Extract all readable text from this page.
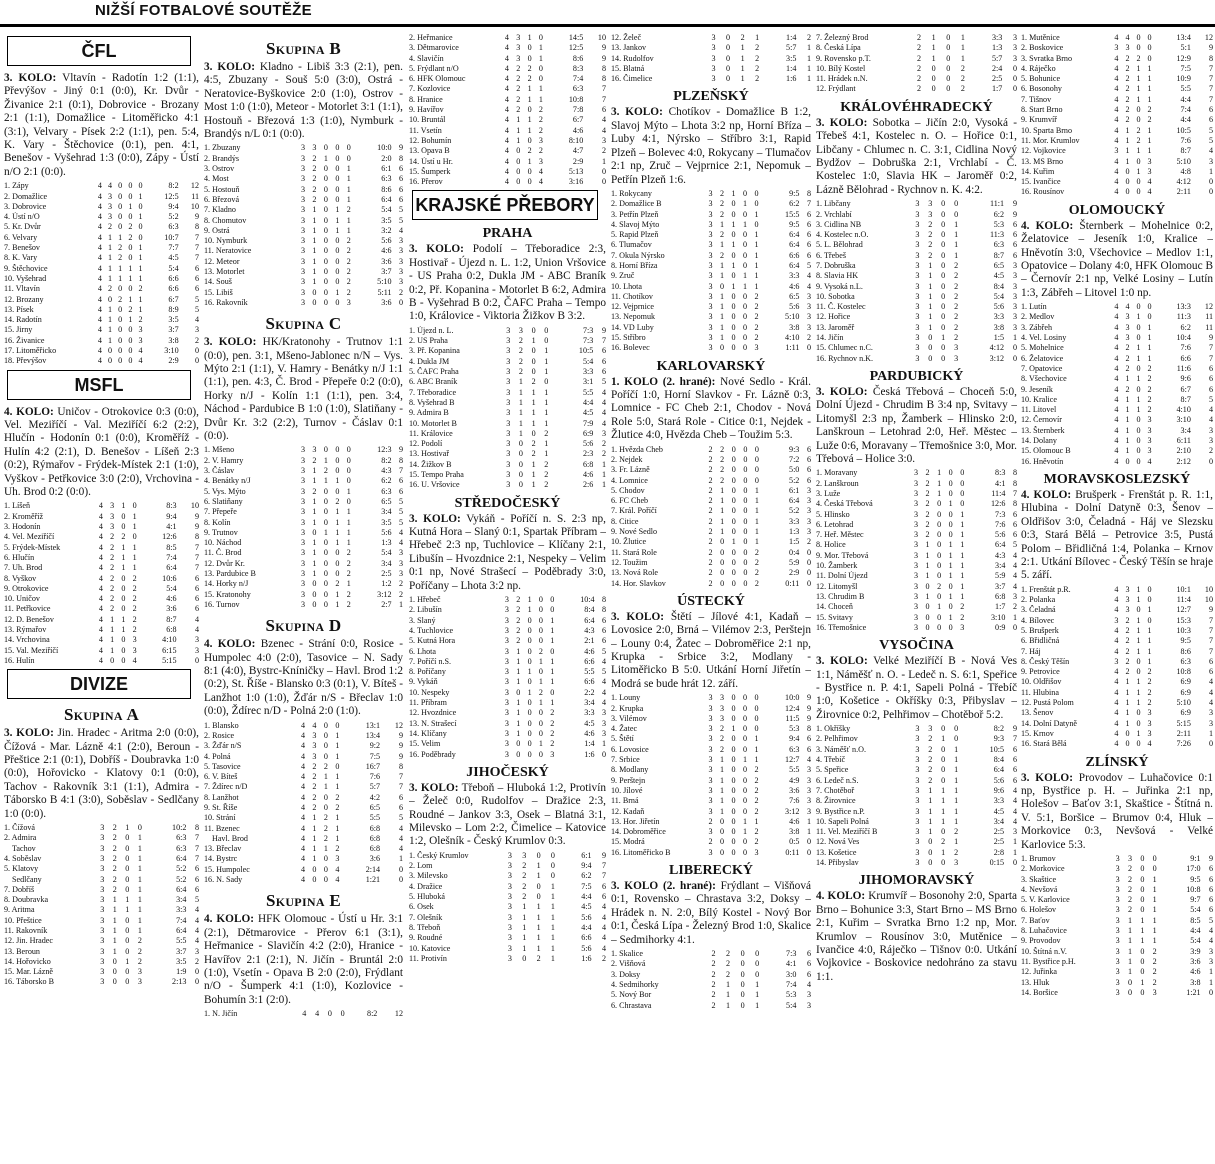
NIŽŠÍ FOTBALOVÉ SOUTĚŽE
ČFL
3. KOLO: Vltavín - Radotín 1:2 (1:1), Převýšov - Jiný 0:1 (0:0), Kr. Dvůr - Živanice 2:1 (0:1), Dobrovice - Brozany 2:1 (1:1), Domažlice - Litoměřicko 4:1 (3:1), Velvary - Písek 2:2 (1:1), pen. 5:4, K. Vary - Štěchovice (0:1), pen. 4:1, Benešov - Vyšehrad 1:3 (0:0), Zápy - Ústí n/O 2:1 (0:0).
1. Zápy	4	4	0	0	0	8:2	12
2. Domažlice	4	3	0	0	1	12:5	11
3. Dobrovice	4	3	0	1	0	9:4	10
4. Ústí n/O	4	3	0	0	1	5:2	9
5. Kr. Dvůr	4	2	0	2	0	6:3	8
6. Velvary	4	1	1	2	0	10:7	7
7. Benešov	4	1	2	0	1	7:7	7
8. K. Vary	4	1	2	0	1	4:5	7
9. Štěchovice	4	1	1	1	1	5:4	6
10. Vyšehrad	4	1	1	1	1	6:6	6
11. Vltavín	4	2	0	0	2	6:6	6
12. Brozany	4	0	2	1	1	6:7	5
13. Písek	4	1	0	2	1	8:9	5
14. Radotín	4	1	0	1	2	3:5	4
15. Jirny	4	1	0	0	3	3:7	3
16. Živanice	4	1	0	0	3	3:8	2
17. Litoměřicko	4	0	0	0	4	3:10	0
18. Převýšov	4	0	0	0	4	2:9	0
MSFL
4. KOLO: Uničov - Otrokovice 0:3 (0:0), Vel. Meziříčí - Val. Meziříčí 6:2 (2:2), Hlučín - Hodonín 0:1 (0:0), Kroměříž - Hulín 4:2 (2:1), D. Benešov - Líšeň 2:3 (0:2), Rýmařov - Frýdek-Místek 2:1 (1:0), Vyškov - Petřkovice 3:0 (2:0), Vrchovina - Uh. Brod 0:2 (0:0).
1. Líšeň	4	3	1	0	8:3	10
2. Kroměříž	4	3	0	1	9:4	9
3. Hodonín	4	3	0	1	4:1	9
4. Vel. Meziříčí	4	2	2	0	12:6	8
5. Frýdek-Místek	4	2	1	1	8:5	7
6. Hlučín	4	2	1	1	7:4	7
7. Uh. Brod	4	2	1	1	6:4	7
8. Vyškov	4	2	0	2	10:6	6
9. Otrokovice	4	2	0	2	5:4	6
10. Uničov	4	2	0	2	4:6	6
11. Petřkovice	4	2	0	2	3:6	6
12. D. Benešov	4	1	1	2	8:7	4
13. Rýmařov	4	1	1	2	6:8	4
14. Vrchovina	4	1	0	3	4:10	3
15. Val. Meziříčí	4	1	0	3	6:15	3
16. Hulín	4	0	0	4	5:15	0
DIVIZE
Skupina A
3. KOLO: Jin. Hradec - Aritma 2:0 (0:0), Čížová - Mar. Lázně 4:1 (2:0), Beroun - Přeštice 2:1 (0:1), Dobříš - Doubravka 1:0 (0:0), Hořovicko - Klatovy 0:1 (0:0), Tachov - Rakovník 3:1 (1:1), Admira - Táborsko B 4:1 (3:0), Soběslav - Sedlčany 1:0 (0:0).
1. Čížová	3	2	1	0	10:2	8
2. Admira	3	2	0	1	6:3	7
Tachov	3	2	0	1	6:3	7
4. Soběslav	3	2	0	1	6:4	7
5. Klatovy	3	2	0	1	5:2	6
Sedlčany	3	2	0	1	5:2	6
7. Dobříš	3	2	0	1	6:4	6
8. Doubravka	3	1	1	1	3:4	5
9. Aritma	3	1	1	1	3:3	4
10. Přeštice	3	1	0	1	7:4	4
11. Rakovník	3	1	0	1	6:4	4
12. Jin. Hradec	3	1	0	2	5:5	4
13. Beroun	3	1	0	2	3:7	3
14. Hořovicko	3	0	1	2	3:5	2
15. Mar. Lázně	3	0	0	3	1:9	0
16. Táborsko B	3	0	0	3	2:13	0
Skupina B
3. KOLO: Kladno - Libiš 3:3 (2:1), pen. 4:5, Zbuzany - Souš 5:0 (3:0), Ostrá - Neratovice-Byškovice 2:0 (1:0), Ostrov - Most 1:0 (1:0), Meteor - Motorlet 3:1 (1:1), Hostouň - Březová 1:3 (1:0), Nymburk - Brandýs n/L 0:1 (0:0).
1. Zbuzany	3	3	0	0	0	10:0	9
2. Brandýs	3	2	1	0	0	2:0	8
3. Ostrov	3	2	0	0	1	6:1	6
4. Most	3	2	0	0	1	6:3	6
5. Hostouň	3	2	0	0	1	8:6	6
6. Březová	3	2	0	0	1	6:4	6
7. Kladno	3	1	0	1	2	5:4	5
8. Chomutov	3	1	0	1	1	3:5	5
9. Ostrá	3	1	0	1	1	3:2	4
10. Nymburk	3	1	0	0	2	5:6	3
11. Neratovice	3	1	0	0	2	4:6	3
12. Meteor	3	1	0	0	2	3:6	3
13. Motorlet	3	1	0	0	2	3:7	3
14. Souš	3	1	0	0	2	5:10	3
15. Libiš	3	0	0	1	2	5:11	2
16. Rakovník	3	0	0	0	3	3:6	0
Skupina C
3. KOLO: HK/Kratonohy - Trutnov 1:1 (0:0), pen. 3:1, Mšeno-Jablonec n/N – Vys. Mýto 2:1 (1:1), V. Hamry - Benátky n/J 1:1 (1:1), pen. 4:3, Č. Brod - Přepeře 0:2 (0:0), Horky n/J - Kolín 1:1 (1:1), pen. 3:4, Náchod - Pardubice B 1:0 (1:0), Slatiňany - Dvůr Kr. 3:2 (2:2), Turnov - Čáslav 0:1 (0:0).
1. Mšeno	3	3	0	0	0	12:3	9
2. V. Hamry	3	2	1	0	0	8:2	8
3. Čáslav	3	1	2	0	0	4:3	7
4. Benátky n/J	3	1	1	1	0	6:2	6
5. Vys. Mýto	3	2	0	0	1	6:3	6
6. Slatiňany	3	1	0	2	0	6:5	5
7. Přepeře	3	1	0	1	1	3:4	5
8. Kolín	3	1	0	1	1	3:5	5
9. Trutnov	3	0	1	1	1	5:6	4
10. Náchod	3	1	0	1	1	1:3	4
11. Č. Brod	3	1	0	0	2	5:4	3
12. Dvůr Kr.	3	1	0	0	2	3:4	3
13. Pardubice B	3	1	0	0	2	2:5	3
14. Horky n/J	3	0	0	2	1	1:2	2
15. Kratonohy	3	0	0	1	2	3:12	2
16. Turnov	3	0	0	1	2	2:7	1
Skupina D
4. KOLO: Bzenec - Strání 0:0, Rosice - Humpolec 4:0 (2:0), Tasovice – N. Sady 8:1 (4:0), Bystrc-Kníničky – Havl. Brod 1:2 (0:2), St. Říše - Blansko 0:3 (0:1), V. Bíteš - Lanžhot 1:0 (1:0), Žďár n/S - Břeclav 1:0 (0:0), Ždírec n/D - Polná 2:0 (1:0).
1. Blansko	4	4	0	0	13:1	12
2. Rosice	4	3	0	1	13:4	9
3. Žďár n/S	4	3	0	1	9:2	9
4. Polná	4	3	0	1	7:5	9
5. Tasovice	4	2	2	0	16:7	8
6. V. Bíteš	4	2	1	1	7:6	7
7. Ždírec n/D	4	2	1	1	5:7	7
8. Lanžhot	4	2	0	2	4:2	6
9. St. Říše	4	2	0	2	6:5	6
10. Strání	4	1	2	1	5:5	5
11. Bzenec	4	1	2	1	6:8	4
Havl. Brod	4	1	2	1	6:8	4
13. Břeclav	4	1	1	2	6:8	4
14. Bystrc	4	1	0	3	3:6	1
15. Humpolec	4	0	0	4	2:14	0
16. N. Sady	4	0	0	4	1:21	0
Skupina E
4. KOLO: HFK Olomouc - Ústí u Hr. 3:1 (2:1), Dětmarovice - Přerov 6:1 (3:1), Heřmanice - Slavičín 4:2 (2:0), Hranice - Havířov 2:1 (2:1), N. Jičín - Bruntál 2:0 (1:0), Vsetín - Opava B 2:0 (2:0), Frýdlant n/O - Šumperk 4:1 (1:0), Kozlovice - Bohumín 3:1 (2:0).
1. N. Jičín	4	4	0	0	8:2	12
2. Heřmanice	4	3	1	0	14:5	10
3. Dětmarovice	4	3	0	1	12:5	9
4. Slavičín	4	3	0	1	8:6	9
5. Frýdlant n/O	4	2	2	0	8:3	8
6. HFK Olomouc	4	2	2	0	7:4	8
7. Kozlovice	4	2	1	1	6:3	7
8. Hranice	4	2	1	1	10:8	7
9. Havířov	4	2	0	2	7:8	6
10. Bruntál	4	1	1	2	6:7	4
11. Vsetín	4	1	1	2	4:6	4
12. Bohumín	4	1	0	3	8:10	3
13. Opava B	4	0	2	2	4:7	2
14. Ústí u Hr.	4	0	1	3	2:9	1
15. Šumperk	4	0	0	4	5:13	0
16. Přerov	4	0	0	4	3:16	0
KRAJSKÉ PŘEBORY
PRAHA
3. KOLO: Podolí – Třeboradice 2:3, Hostivař - Újezd n. L. 1:2, Union Vršovice - US Praha 0:2, Dukla JM - ABC Braník 0:2, Př. Kopanina - Motorlet B 6:2, Admira B - Vyšehrad B 0:2, ČAFC Praha – Tempo 1:0, Královice - Viktoria Žižkov B 3:2.
1. Újezd n. L.	3	3	0	0	7:3	9
2. US Praha	3	2	1	0	7:3	7
3. Př. Kopanina	3	2	0	1	10:5	6
4. Dukla JM	3	2	0	1	5:4	6
5. ČAFC Praha	3	2	0	1	3:3	6
6. ABC Braník	3	1	2	0	3:1	5
7. Třeboradice	3	1	1	1	5:5	4
8. Vyšehrad B	3	1	1	1	4:4	4
9. Admira B	3	1	1	1	4:5	4
10. Motorlet B	3	1	1	1	7:9	4
11. Královice	3	1	0	2	6:9	3
12. Podolí	3	0	2	1	5:6	2
13. Hostivař	3	0	2	1	2:3	2
14. Žižkov B	3	0	1	2	6:8	1
15. Tempo Praha	3	0	1	2	4:6	1
16. U. Vršovice	3	0	1	2	2:6	1
STŘEDOČESKÝ
3. KOLO: Vykáň - Poříčí n. S. 2:3 np, Kutná Hora – Slaný 0:1, Spartak Příbram – Hřebeč 2:3 np, Tuchlovice – Klíčany 2:1, Libušín – Hvozdnice 2:1, Nespeky – Velim 0:1 np, Nové Strašecí – Poděbrady 3:0, Poříčany – Lhota 3:2 np.
1. Hřebeč	3	2	1	0	0	10:4	8
2. Libušín	3	2	1	0	0	8:4	8
3. Slaný	3	2	0	0	1	6:4	6
4. Tuchlovice	3	2	0	0	1	4:3	6
5. Kutná Hora	3	2	0	0	1	2:1	6
6. Lhota	3	1	0	2	0	4:6	5
7. Poříčí n.S.	3	1	0	1	1	6:6	4
8. Poříčany	3	1	1	0	1	5:5	5
9. Vykáň	3	1	0	1	1	6:6	4
10. Nespeky	3	0	1	2	0	2:2	4
11. Příbram	3	1	0	1	1	3:4	4
12. Hvozdnice	3	1	0	0	2	3:3	3
13. N. Strašecí	3	1	0	0	2	4:5	3
14. Klíčany	3	1	0	0	2	4:6	3
15. Velim	3	0	0	1	2	1:4	1
16. Poděbrady	3	0	0	0	3	1:6	0
JIHOČESKÝ
3. KOLO: Třeboň – Hluboká 1:2, Protivín – Želeč 0:0, Rudolfov – Dražice 2:3, Roudné – Jankov 3:3, Osek – Blatná 3:1, Milevsko – Lom 2:2, Čimelice – Katovice 1:2, Olešník - Český Krumlov 0:3.
1. Český Krumlov	3	3	0	0	6:1	9
2. Lom	3	2	1	0	9:4	7
3. Milevsko	3	2	1	0	6:2	7
4. Dražice	3	2	0	1	7:5	6
5. Hluboká	3	2	0	1	4:4	6
6. Osek	3	1	1	1	4:5	4
7. Olešník	3	1	1	1	5:6	4
8. Třeboň	3	1	1	1	4:4	4
9. Roudné	3	1	1	1	6:6	4
10. Katovice	3	1	1	1	5:6	4
11. Protivín	3	0	2	1	1:6	2
12. Želeč	3	0	2	1	1:4	2
13. Jankov	3	0	1	2	5:7	1
14. Rudolfov	3	0	1	2	3:5	1
15. Blatná	3	0	1	2	1:4	1
16. Čimelice	3	0	1	2	1:6	1
PLZEŇSKÝ
3. KOLO: Chotíkov - Domažlice B 1:2, Slavoj Mýto – Lhota 3:2 np, Horní Bříza – Luby 4:1, Nýrsko – Stříbro 3:1, Rapid Plzeň – Bolevec 4:0, Rokycany – Tlumačov 2:1 np, Zruč – Vejprnice 2:1, Nepomuk – Petřín Plzeň 1:6.
1. Rokycany	3	2	1	0	0	9:5	8
2. Domažlice B	3	2	0	1	0	6:2	7
3. Petřín Plzeň	3	2	0	0	1	15:5	6
4. Slavoj Mýto	3	1	1	1	0	9:5	6
5. Rapid Plzeň	3	2	0	0	1	6:4	6
6. Tlumačov	3	1	1	0	1	6:4	6
7. Okula Nýrsko	3	2	0	0	1	6:6	6
8. Horní Bříza	3	1	1	0	1	6:4	5
9. Zruč	3	1	0	1	1	3:3	4
10. Lhota	3	0	1	1	1	4:6	4
11. Chotíkov	3	1	0	0	2	6:5	3
12. Vejprnice	3	1	0	0	2	5:6	3
13. Nepomuk	3	1	0	0	2	5:10	3
14. VD Luby	3	1	0	0	2	3:8	3
15. Stříbro	3	1	0	0	2	4:10	2
16. Bolevec	3	0	0	0	3	1:11	0
KARLOVARSKÝ
1. KOLO (2. hrané): Nové Sedlo - Král. Poříčí 1:0, Horní Slavkov - Fr. Lázně 0:3, Lomnice - FC Cheb 2:1, Chodov - Nová Role 5:0, Stará Role - Citice 0:1, Nejdek - Žlutice 4:0, Hvězda Cheb – Toužim 5:3.
1. Hvězda Cheb	2	2	0	0	0	9:3	6
2. Nejdek	2	2	0	0	0	7:2	6
3. Fr. Lázně	2	2	0	0	0	5:0	6
4. Lomnice	2	2	0	0	0	5:2	6
5. Chodov	2	1	0	0	1	6:1	3
6. FC Cheb	2	1	0	0	1	6:4	3
7. Král. Poříčí	2	1	0	0	1	5:2	3
8. Citice	2	1	0	0	1	3:3	3
9. Nové Sedlo	2	1	0	0	1	1:3	3
10. Žlutice	2	0	1	0	1	1:5	2
11. Stará Role	2	0	0	0	2	0:4	0
12. Toužim	2	0	0	0	2	5:9	0
13. Nová Role	2	0	0	0	2	2:9	0
14. Hor. Slavkov	2	0	0	0	2	0:11	0
ÚSTECKÝ
3. KOLO: Štětí – Jílové 4:1, Kadaň – Lovosice 2:0, Brná – Vilémov 2:3, Perštejn – Louny 0:4, Žatec – Dobroměřice 2:1 np, Krupka - Srbice 3:2, Modlany - Litoměřicko B 5:0. Utkání Horní Jiřetín – Modrá se bude hrát 12. září.
1. Louny	3	3	0	0	0	10:0	9
2. Krupka	3	3	0	0	0	12:4	9
3. Vilémov	3	3	0	0	0	11:5	9
4. Žatec	3	2	1	0	0	5:3	8
5. Štětí	3	2	0	0	1	9:4	6
6. Lovosice	3	2	0	0	1	6:3	6
7. Srbice	3	1	0	1	1	12:7	4
8. Modlany	3	1	0	0	2	5:5	3
9. Perštejn	3	1	0	0	2	4:9	3
10. Jílové	3	1	0	0	2	3:6	3
11. Brná	3	1	0	0	2	7:6	3
12. Kadaň	3	1	0	0	2	3:12	3
13. Hor. Jiřetín	2	0	0	1	1	4:6	1
14. Dobroměřice	3	0	0	1	2	3:8	1
15. Modrá	2	0	0	0	2	0:5	0
16. Litoměřicko B	3	0	0	0	3	0:11	0
LIBERECKÝ
3. KOLO (2. hrané): Frýdlant – Višňová 0:1, Rovensko – Chrastava 3:2, Doksy – Hrádek n. N. 2:0, Bílý Kostel - Nový Bor 0:1, Česká Lípa - Železný Brod 1:0, Skalice – Sedmihorky 4:1.
1. Skalice	2	2	0	0	7:3	6
2. Višňová	2	2	0	0	4:1	6
3. Doksy	2	2	0	0	3:0	6
4. Sedmihorky	2	1	0	1	7:4	4
5. Nový Bor	2	1	0	1	5:3	3
6. Chrastava	2	1	0	1	5:4	3
7. Železný Brod	2	1	0	1	3:3	3
8. Česká Lípa	2	1	0	1	1:3	3
9. Rovensko p.T.	2	1	0	1	5:7	3
10. Bílý Kostel	2	0	0	2	2:4	0
11. Hrádek n.N.	2	0	0	2	2:5	0
12. Frýdlant	2	0	0	2	1:7	0
KRÁLOVÉHRADECKÝ
3. KOLO: Sobotka – Jičín 2:0, Vysoká - Třebeš 4:1, Kostelec n. O. – Hořice 0:1, Libčany - Chlumec n. C. 3:1, Cidlina Nový Bydžov – Dobruška 2:1, Vrchlabí - Č. Kostelec 1:0, Slavia HK – Jaroměř 0:2, Lázně Bělohrad - Rychnov n. K. 4:2.
1. Libčany	3	3	0	0	11:1	9
2. Vrchlabí	3	3	0	0	6:2	9
3. Cidlina NB	3	2	0	1	5:3	6
4. Kostelec n.O.	3	2	0	1	11:3	6
5. L. Bělohrad	3	2	0	1	6:3	6
6. Třebeš	3	2	0	1	8:7	6
7. Dobruška	3	1	0	2	6:5	3
8. Slavia HK	3	1	0	2	4:5	3
9. Vysoká n.L.	3	1	0	2	8:4	3
10. Sobotka	3	1	0	2	5:4	3
11. Č. Kostelec	3	1	0	2	5:6	3
12. Hořice	3	1	0	2	3:3	3
13. Jaroměř	3	1	0	2	3:8	3
14. Jičín	3	0	1	2	1:5	1
15. Chlumec n.C.	3	0	0	3	4:12	0
16. Rychnov n.K.	3	0	0	3	3:12	0
PARDUBICKÝ
3. KOLO: Česká Třebová – Choceň 5:0, Dolní Újezd - Chrudim B 3:4 np, Svitavy – Litomyšl 2:3 np, Žamberk – Hlinsko 2:0, Lanškroun – Letohrad 2:0, Heř. Městec – Luže 0:6, Moravany – Třemošnice 3:0, Mor. Třebová – Holice 3:0.
1. Moravany	3	2	1	0	0	8:3	8
2. Lanškroun	3	2	1	0	0	4:1	8
3. Luže	3	2	1	0	0	11:4	7
4. Česká Třebová	3	2	0	1	0	12:6	8
5. Hlinsko	3	2	0	0	1	7:3	6
6. Letohrad	3	2	0	0	1	7:6	6
7. Heř. Městec	3	2	0	0	1	5:6	6
8. Holice	3	1	0	1	1	6:4	5
9. Mor. Třebová	3	1	0	1	1	4:3	4
10. Žamberk	3	1	0	1	1	3:4	4
11. Dolní Újezd	3	1	0	1	1	5:9	4
12. Litomyšl	3	0	2	0	1	3:7	4
13. Chrudim B	3	1	0	1	1	6:8	3
14. Choceň	3	0	1	0	2	1:7	2
15. Svitavy	3	0	0	1	2	3:10	1
16. Třemošnice	3	0	0	0	3	0:9	0
VYSOČINA
3. KOLO: Velké Meziříčí B - Nová Ves 1:1, Náměšť n. O. - Ledeč n. S. 6:1, Speřice - Bystřice n. P. 4:1, Sapeli Polná - Třebíč 1:0, Košetice - Okříšky 0:3, Přibyslav – Žirovnice 0:2, Pelhřimov – Chotěboř 5:2.
1. Okříšky	3	3	0	0	8:2	9
2. Pelhřimov	3	2	1	0	9:3	7
3. Náměšť n.O.	3	2	0	1	10:5	6
4. Třebíč	3	2	0	1	8:4	6
5. Speřice	3	2	0	1	6:4	6
6. Ledeč n.S.	3	2	0	1	5:6	6
7. Chotěboř	3	1	1	1	9:6	4
8. Žirovnice	3	1	1	1	3:3	4
9. Bystřice n.P.	3	1	1	1	4:5	4
10. Sapeli Polná	3	1	1	1	3:4	4
11. Vel. Meziříčí B	3	1	0	2	2:5	3
12. Nová Ves	3	0	2	1	2:5	1
13. Košetice	3	0	1	2	2:8	1
14. Přibyslav	3	0	0	3	0:15	0
JIHOMORAVSKÝ
4. KOLO: Krumvíř – Bosonohy 2:0, Sparta Brno – Bohunice 3:3, Start Brno – MS Brno 2:1, Kuřim – Svratka Brno 1:2 np, Mor. Krumlov – Rousínov 3:0, Mutěnice – Ivančice 4:0, Ráječko – Tišnov 0:0. Utkání Vojkovice - Boskovice nedohráno za stavu 1:1.
1. Mutěnice	4	4	0	0	13:4	12
2. Boskovice	3	3	0	0	5:1	9
3. Svratka Brno	4	2	2	0	12:9	8
4. Ráječko	4	2	1	1	7:5	7
5. Bohunice	4	2	1	1	10:9	7
6. Bosonohy	4	2	1	1	5:5	7
7. Tišnov	4	2	1	1	4:4	7
8. Start Brno	4	2	0	2	7:4	6
9. Krumvíř	4	2	0	2	4:4	6
10. Sparta Brno	4	1	2	1	10:5	5
11. Mor. Krumlov	4	1	2	1	7:6	5
12. Vojkovice	3	1	1	1	8:7	4
13. MS Brno	4	1	0	3	5:10	3
14. Kuřim	4	0	1	3	4:8	1
15. Ivančice	4	0	0	4	4:12	0
16. Rousínov	4	0	0	4	2:11	0
OLOMOUCKÝ
4. KOLO: Šternberk – Mohelnice 0:2, Želatovice – Jeseník 1:0, Kralice – Hněvotín 3:0, Všechovice – Medlov 1:1, Opatovice – Dolany 4:0, HFK Olomouc B – Černovír 2:1 np, Velké Losiny – Lutín 1:3, Zábřeh – Litovel 1:0 np.
1. Lutín	4	4	0	0	13:3	12
2. Medlov	4	3	1	0	11:3	11
3. Zábřeh	4	3	0	1	6:2	11
4. Vel. Losiny	4	3	0	1	10:4	9
5. Mohelnice	4	2	1	1	7:6	7
6. Želatovice	4	2	1	1	6:6	7
7. Opatovice	4	2	0	2	11:6	6
8. Všechovice	4	1	1	2	9:6	6
9. Jeseník	4	2	0	2	6:7	6
10. Kralice	4	1	1	2	8:7	5
11. Litovel	4	1	1	2	4:10	4
12. Černovír	4	1	0	3	3:10	4
13. Šternberk	4	1	0	3	3:4	3
14. Dolany	4	1	0	3	6:11	3
15. Olomouc B	4	1	0	3	2:10	2
16. Hněvotín	4	0	0	4	2:12	0
MORAVSKOSLEZSKÝ
4. KOLO: Brušperk - Frenštát p. R. 1:1, Hlubina - Dolní Datyně 0:3, Šenov – Oldřišov 3:0, Čeladná - Háj ve Slezsku 0:3, Stará Bělá – Petrovice 3:5, Pustá Polom – Břidličná 1:4, Polanka – Krnov 2:1. Utkání Bílovec - Český Těšín se hraje 5. září.
1. Frenštát p.R.	4	3	1	0	10:1	10
2. Polanka	4	3	1	0	11:4	10
3. Čeladná	4	3	0	1	12:7	9
4. Bílovec	3	2	1	0	15:3	7
5. Brušperk	4	2	1	1	10:3	7
6. Břidličná	4	2	1	1	9:5	7
7. Háj	4	2	1	1	8:6	7
8. Český Těšín	3	2	0	1	6:3	6
9. Petrovice	4	2	0	2	10:8	6
10. Oldřišov	4	1	1	2	6:9	4
11. Hlubina	4	1	1	2	6:9	4
12. Pustá Polom	4	1	1	2	5:10	4
13. Šenov	4	1	0	3	6:9	3
14. Dolní Datyně	4	1	0	3	5:15	3
15. Krnov	4	0	1	3	2:11	1
16. Stará Bělá	4	0	0	4	7:26	0
ZLÍNSKÝ
3. KOLO: Provodov – Luhačovice 0:1 np, Bystřice p. H. – Juřinka 2:1 np, Holešov – Baťov 3:1, Skaštice - Štítná n. V. 5:1, Boršice – Brumov 0:4, Hluk – Morkovice 0:3, Nevšová - Velké Karlovice 5:3.
1. Brumov	3	3	0	0	9:1	9
2. Morkovice	3	2	0	0	17:0	6
3. Skaštice	3	2	0	1	9:5	6
4. Nevšová	3	2	0	1	10:8	6
5. V. Karlovice	3	2	0	1	9:7	6
6. Holešov	3	2	0	1	5:4	6
7. Baťov	3	1	1	1	8:5	5
8. Luhačovice	3	1	1	1	4:4	4
9. Provodov	3	1	1	1	5:4	4
10. Štítná n.V.	3	1	0	2	3:9	3
11. Bystřice p.H.	3	1	0	2	3:6	3
12. Juřinka	3	1	0	2	4:6	1
13. Hluk	3	0	1	2	3:8	1
14. Boršice	3	0	0	3	1:21	0
